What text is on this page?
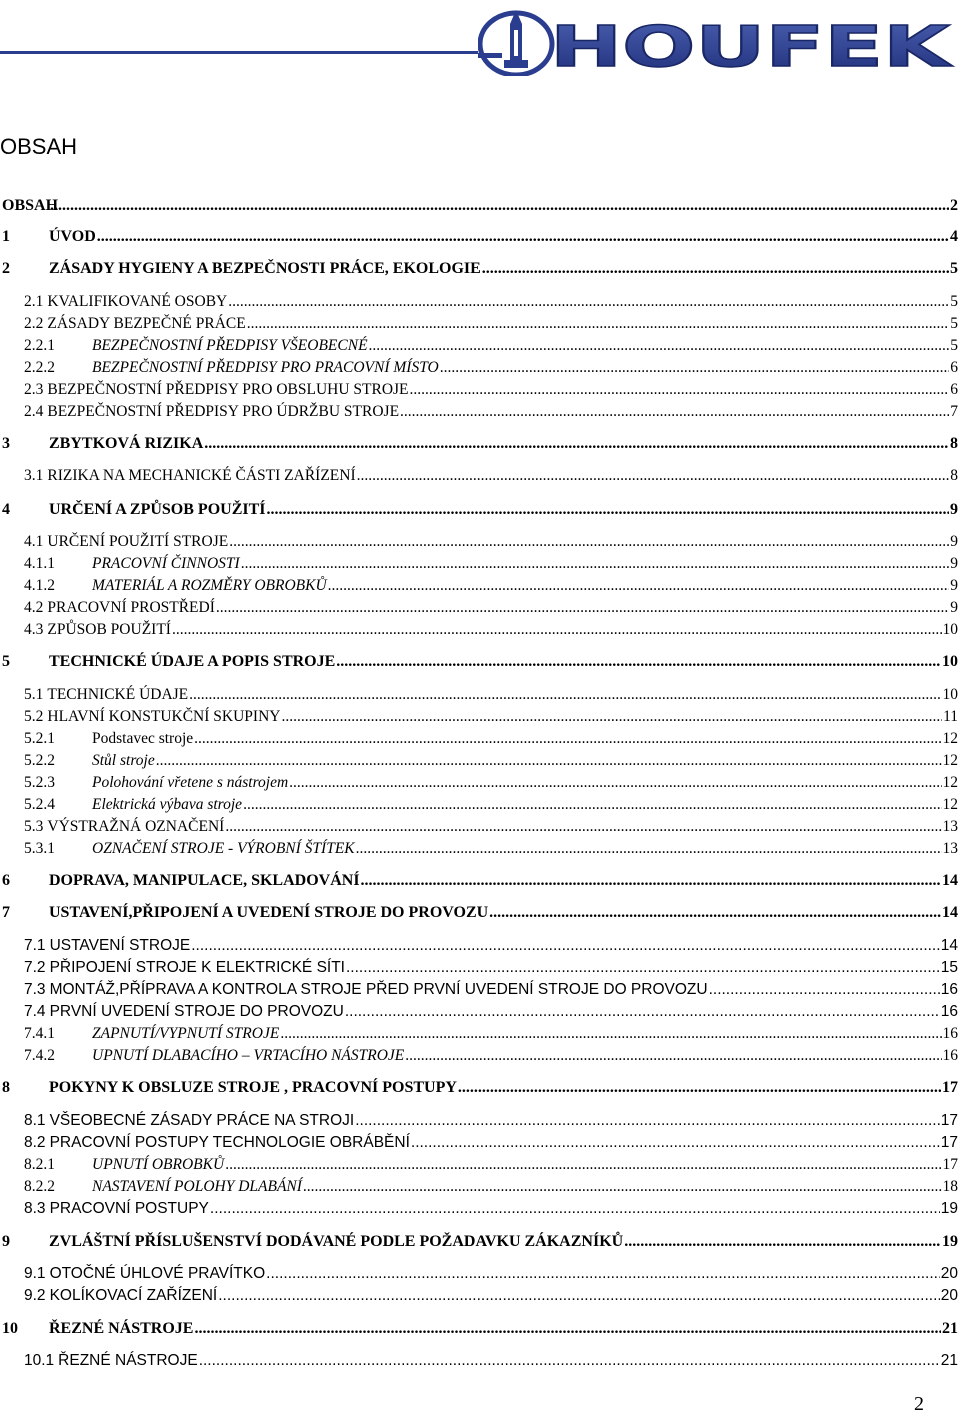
HOUFEK
OBSAH
OBSAH .....	2
1	ÚVOD .....	4
2	ZÁSADY HYGIENY A BEZPEČNOSTI PRÁCE, EKOLOGIE .....	5
2.1 KVALIFIKOVANÉ OSOBY .....	5
2.2 ZÁSADY BEZPEČNÉ PRÁCE .....	5
2.2.1	BEZPEČNOSTNÍ PŘEDPISY VŠEOBECNÉ .....	5
2.2.2	BEZPEČNOSTNÍ PŘEDPISY PRO PRACOVNÍ MÍSTO .....	6
2.3 BEZPEČNOSTNÍ PŘEDPISY PRO OBSLUHU STROJE .....	6
2.4 BEZPEČNOSTNÍ PŘEDPISY PRO ÚDRŽBU STROJE .....	7
3	ZBYTKOVÁ RIZIKA .....	8
3.1 RIZIKA NA MECHANICKÉ ČÁSTI ZAŘÍZENÍ .....	8
4	URČENÍ A ZPŮSOB POUŽITÍ .....	9
4.1 URČENÍ POUŽITÍ STROJE .....	9
4.1.1	PRACOVNÍ ČINNOSTI .....	9
4.1.2	MATERIÁL A ROZMĚRY OBROBKŮ .....	9
4.2 PRACOVNÍ PROSTŘEDÍ .....	9
4.3 ZPŮSOB POUŽITÍ .....	10
5	TECHNICKÉ ÚDAJE A POPIS STROJE .....	10
5.1 TECHNICKÉ ÚDAJE .....	10
5.2 HLAVNÍ KONSTUKČNÍ SKUPINY .....	11
5.2.1	Podstavec stroje .....	12
5.2.2	Stůl stroje .....	12
5.2.3	Polohování vřetene s nástrojem .....	12
5.2.4	Elektrická výbava stroje .....	12
5.3 VÝSTRAŽNÁ OZNAČENÍ .....	13
5.3.1	OZNAČENÍ STROJE - VÝROBNÍ ŠTÍTEK .....	13
6	DOPRAVA, MANIPULACE, SKLADOVÁNÍ .....	14
7	USTAVENÍ,PŘIPOJENÍ A UVEDENÍ STROJE DO PROVOZU .....	14
7.1 USTAVENÍ STROJE .....	14
7.2 PŘIPOJENÍ STROJE K ELEKTRICKÉ SÍTI .....	15
7.3 MONTÁŽ,PŘÍPRAVA A KONTROLA STROJE PŘED PRVNÍ UVEDENÍ STROJE DO PROVOZU .....	16
7.4 PRVNÍ UVEDENÍ STROJE DO PROVOZU .....	16
7.4.1	ZAPNUTÍ/VYPNUTÍ STROJE .....	16
7.4.2	UPNUTÍ DLABACÍHO – VRTACÍHO NÁSTROJE .....	16
8	POKYNY K OBSLUZE STROJE , PRACOVNÍ POSTUPY .....	17
8.1 VŠEOBECNÉ ZÁSADY PRÁCE NA STROJI .....	17
8.2 PRACOVNÍ POSTUPY TECHNOLOGIE OBRÁBĚNÍ .....	17
8.2.1	UPNUTÍ OBROBKŮ .....	17
8.2.2	NASTAVENÍ POLOHY DLABÁNÍ .....	18
8.3 PRACOVNÍ POSTUPY .....	19
9	ZVLÁŠTNÍ PŘÍSLUŠENSTVÍ DODÁVANÉ PODLE POŽADAVKU ZÁKAZNÍKŮ .....	19
9.1 OTOČNÉ ÚHLOVÉ PRAVÍTKO .....	20
9.2 KOLÍKOVACÍ ZAŘÍZENÍ .....	20
10	ŘEZNÉ NÁSTROJE .....	21
10.1 ŘEZNÉ NÁSTROJE .....	21
2
